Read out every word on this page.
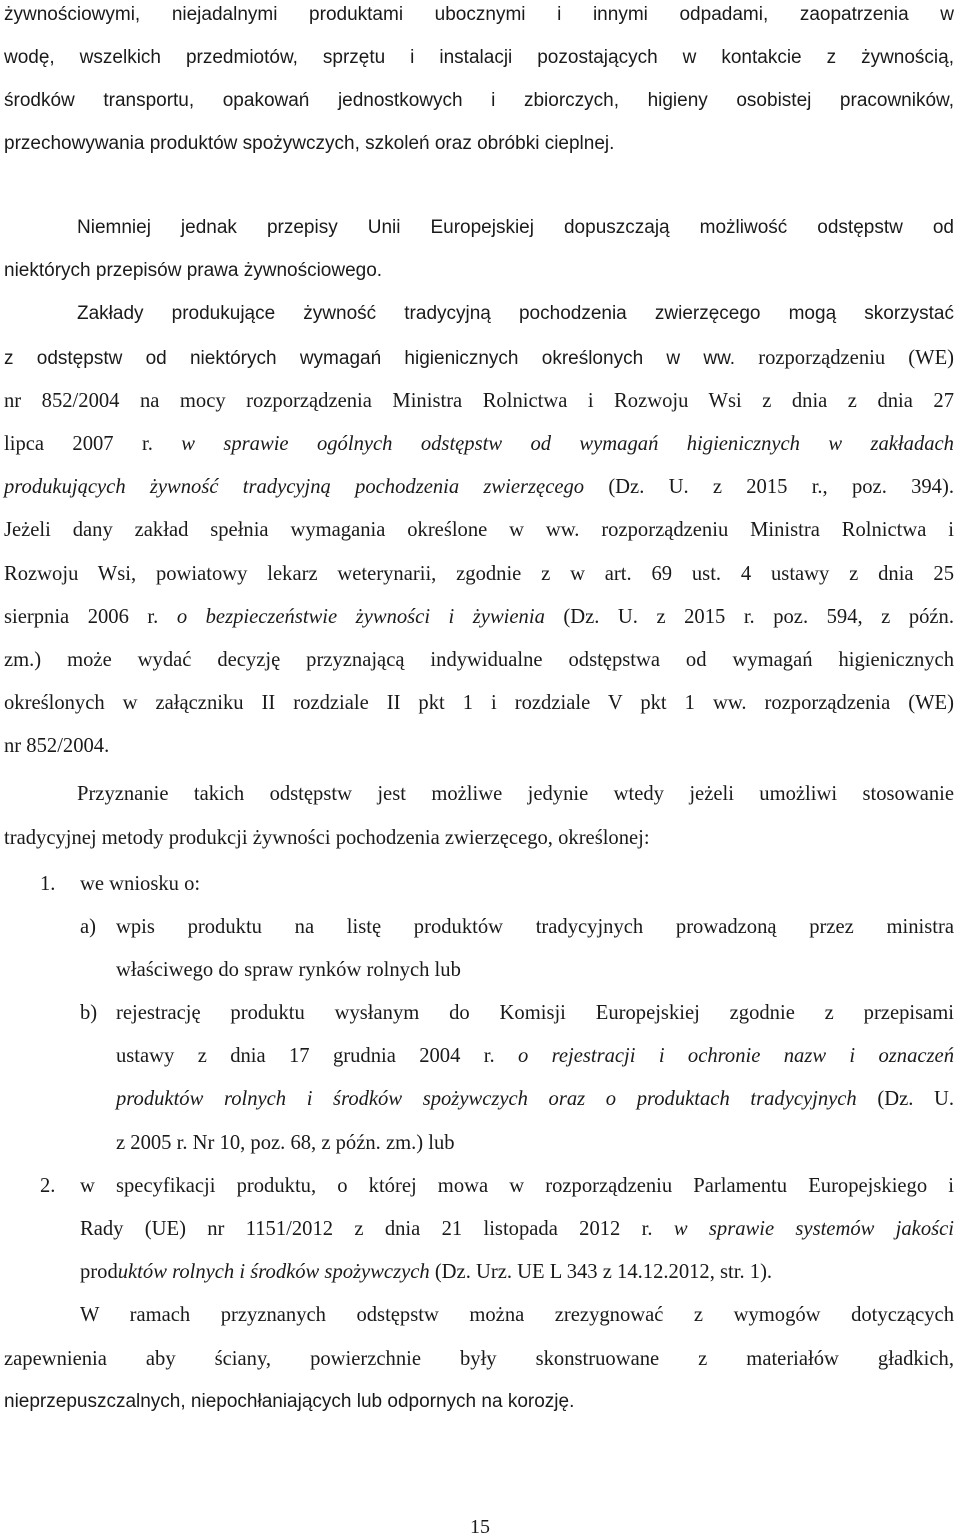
żywnościowymi, niejadalnymi produktami ubocznymi i innymi odpadami, zaopatrzenia w
wodę, wszelkich przedmiotów, sprzętu i instalacji pozostających w kontakcie z żywnością,
środków transportu, opakowań jednostkowych i zbiorczych, higieny osobistej pracowników,
przechowywania produktów spożywczych, szkoleń oraz obróbki cieplnej.
Niemniej jednak przepisy Unii Europejskiej dopuszczają możliwość odstępstw od
niektórych przepisów prawa żywnościowego.
Zakłady produkujące żywność tradycyjną pochodzenia zwierzęcego mogą skorzystać
z odstępstw od niektórych wymagań higienicznych określonych w ww. rozporządzeniu (WE)
nr 852/2004 na mocy rozporządzenia Ministra Rolnictwa i Rozwoju Wsi z dnia z dnia 27
lipca 2007 r. w sprawie ogólnych odstępstw od wymagań higienicznych w zakładach
produkujących żywność tradycyjną pochodzenia zwierzęcego (Dz. U. z 2015 r., poz. 394).
Jeżeli dany zakład spełnia wymagania określone w ww. rozporządzeniu Ministra Rolnictwa i
Rozwoju Wsi, powiatowy lekarz weterynarii, zgodnie z w art. 69 ust. 4 ustawy z dnia 25
sierpnia 2006 r. o bezpieczeństwie żywności i żywienia (Dz. U. z 2015 r. poz. 594, z późn.
zm.) może wydać decyzję przyznającą indywidualne odstępstwa od wymagań higienicznych
określonych w załączniku II rozdziale II pkt 1 i rozdziale V pkt 1 ww. rozporządzenia (WE)
nr 852/2004.
Przyznanie takich odstępstw jest możliwe jedynie wtedy jeżeli umożliwi stosowanie
tradycyjnej metody produkcji żywności pochodzenia zwierzęcego, określonej:
1. we wniosku o:
a) wpis produktu na listę produktów tradycyjnych prowadzoną przez ministra
właściwego do spraw rynków rolnych lub
b) rejestrację produktu wysłanym do Komisji Europejskiej zgodnie z przepisami
ustawy z dnia 17 grudnia 2004 r. o rejestracji i ochronie nazw i oznaczeń
produktów rolnych i środków spożywczych oraz o produktach tradycyjnych (Dz. U.
z 2005 r. Nr 10, poz. 68, z późn. zm.) lub
2. w specyfikacji produktu, o której mowa w rozporządzeniu Parlamentu Europejskiego i
Rady (UE) nr 1151/2012 z dnia 21 listopada 2012 r. w sprawie systemów jakości
produktów rolnych i środków spożywczych (Dz. Urz. UE L 343 z 14.12.2012, str. 1).
W ramach przyznanych odstępstw można zrezygnować z wymogów dotyczących
zapewnienia aby ściany, powierzchnie były skonstruowane z materiałów gładkich,
nieprzepuszczalnych, niepochłaniających lub odpornych na korozję.
15
